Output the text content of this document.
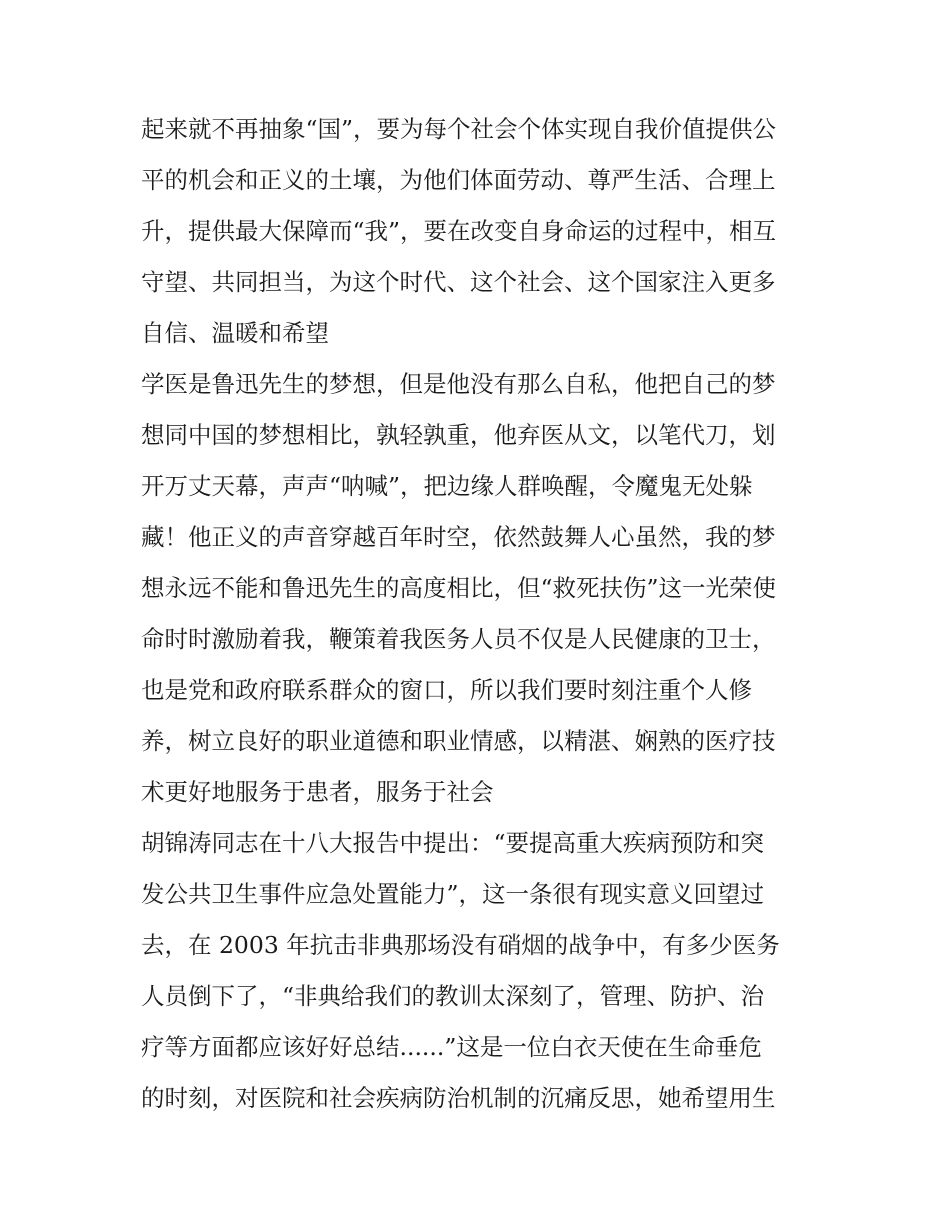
起来就不再抽象“国”，要为每个社会个体实现自我价值提供公
平的机会和正义的土壤，为他们体面劳动、尊严生活、合理上
升，提供最大保障而“我”，要在改变自身命运的过程中，相互
守望、共同担当，为这个时代、这个社会、这个国家注入更多
自信、温暖和希望
学医是鲁迅先生的梦想，但是他没有那么自私，他把自己的梦
想同中国的梦想相比，孰轻孰重，他弃医从文，以笔代刀，划
开万丈天幕，声声“呐喊”，把边缘人群唤醒，令魔鬼无处躲
藏！他正义的声音穿越百年时空，依然鼓舞人心虽然，我的梦
想永远不能和鲁迅先生的高度相比，但“救死扶伤”这一光荣使
命时时激励着我，鞭策着我医务人员不仅是人民健康的卫士，
也是党和政府联系群众的窗口，所以我们要时刻注重个人修
养，树立良好的职业道德和职业情感，以精湛、娴熟的医疗技
术更好地服务于患者，服务于社会
胡锦涛同志在十八大报告中提出：“要提高重大疾病预防和突
发公共卫生事件应急处置能力”，这一条很有现实意义回望过
去，在 2003 年抗击非典那场没有硝烟的战争中，有多少医务
人员倒下了，“非典给我们的教训太深刻了，管理、防护、治
疗等方面都应该好好总结......”这是一位白衣天使在生命垂危
的时刻，对医院和社会疾病防治机制的沉痛反思，她希望用生
